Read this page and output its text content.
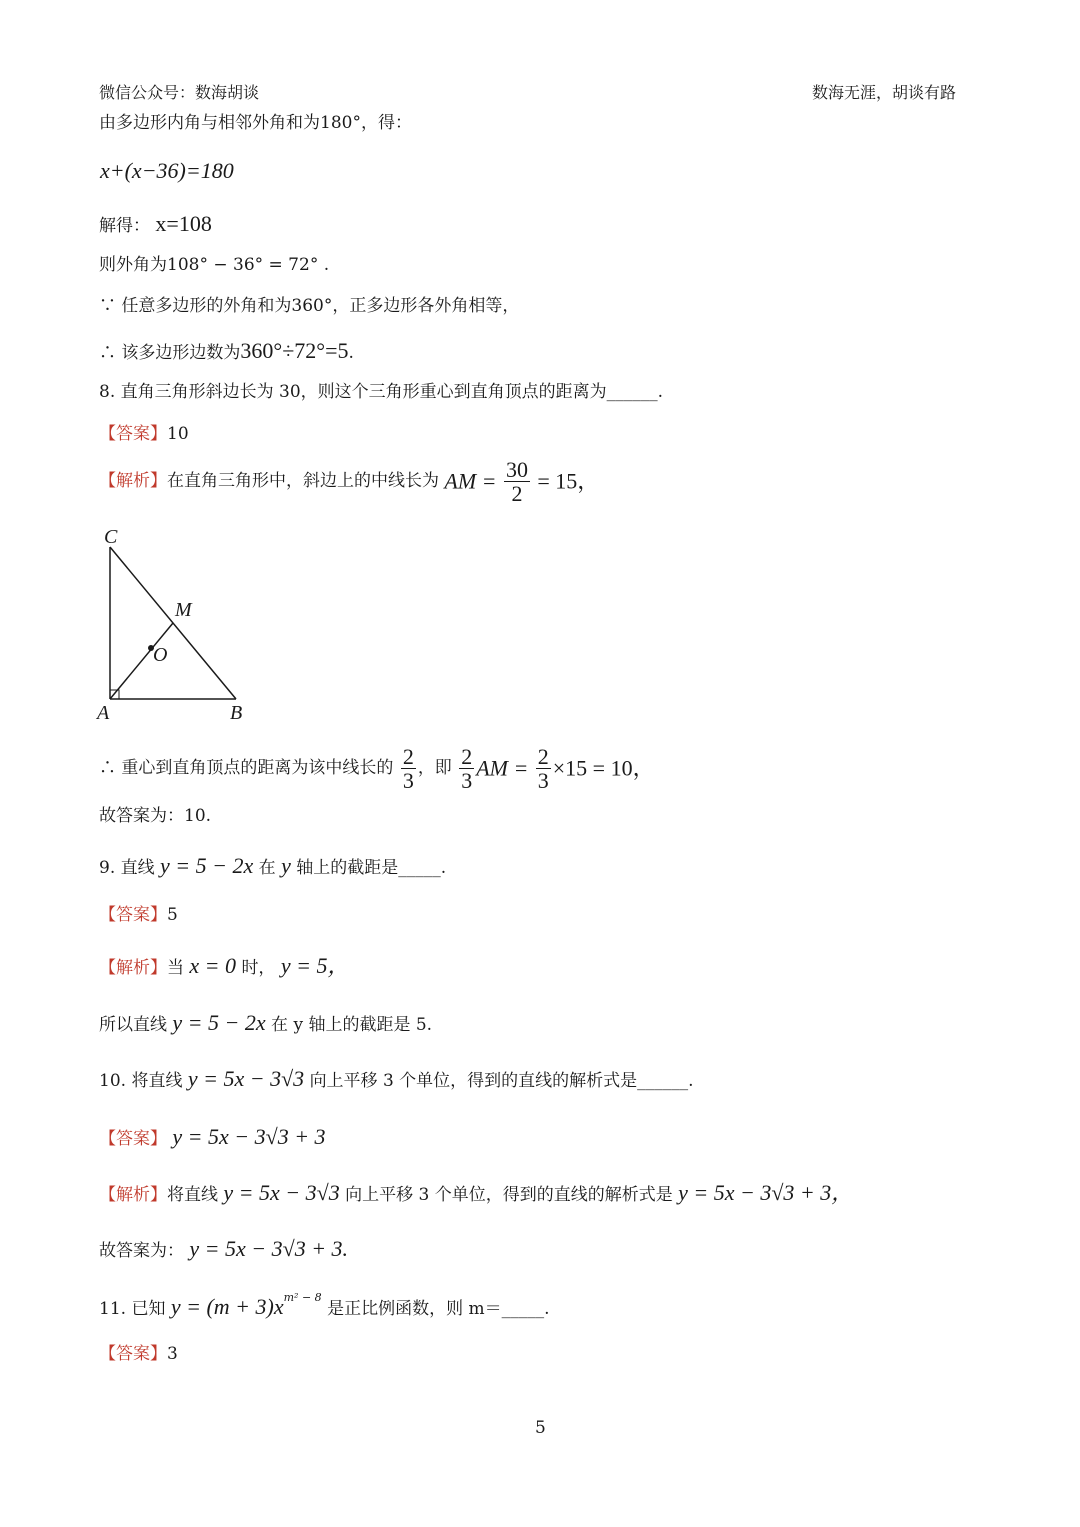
微信公众号：数海胡谈	数海无涯，胡谈有路
由多边形内角与相邻外角和为180°，得：
x+(x−36)=180
解得： x=108
则外角为108° − 36° = 72° .
∵ 任意多边形的外角和为360°，正多边形各外角相等，
∴ 该多边形边数为360°÷72°=5.
8. 直角三角形斜边长为 30，则这个三角形重心到直角顶点的距离为______.
【答案】10
【解析】在直角三角形中，斜边上的中线长为 AM = $\frac{30}{2} = 15$，
C
M
O
A	B
∴ 重心到直角顶点的距离为该中线长的 $\frac{2}{3}$ ，即 $\frac{2}{3}$ AM = $\frac{2}{3} \times 15 = 10$，
故答案为：10.
9. 直线 y = 5 − 2x 在 y 轴上的截距是_____.
【答案】5
【解析】当 x = 0 时， y = 5，
所以直线 y = 5 − 2x 在 y 轴上的截距是 5.
10. 将直线 y = 5x − 3√3 向上平移 3 个单位，得到的直线的解析式是______.
【答案】 y = 5x − 3√3 + 3
【解析】将直线 y = 5x − 3√3 向上平移 3 个单位，得到的直线的解析式是 y = 5x − 3√3 + 3，
故答案为： y = 5x − 3√3 + 3.
11. 已知 $y = (m + 3)x^{m^2 - 8}$ 是正比例函数，则 m＝_____.
【答案】3
5
